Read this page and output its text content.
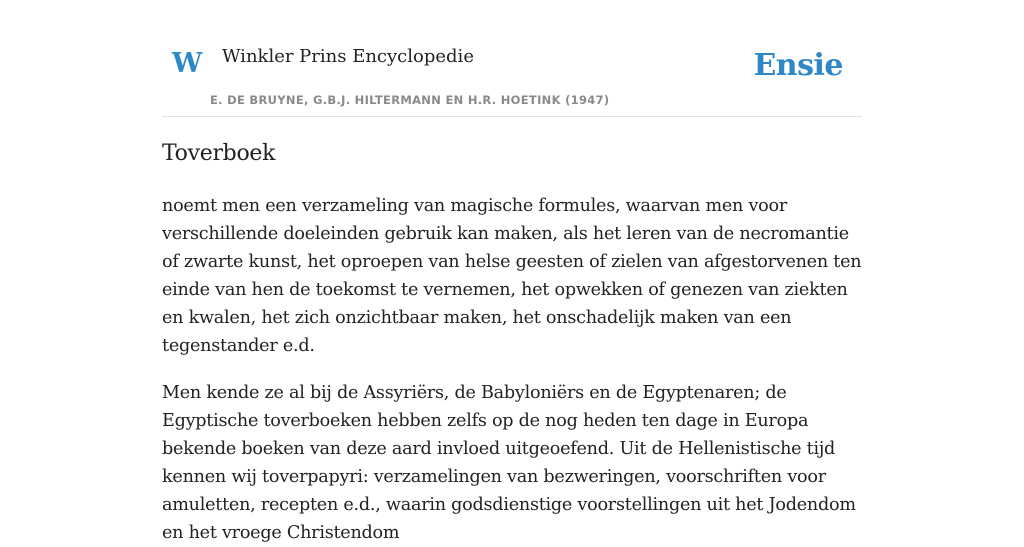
W Winkler Prins Encyclopedie
E. DE BRUYNE, G.B.J. HILTERMANN EN H.R. HOETINK (1947)
Ensie
Toverboek

noemt men een verzameling van magische formules, waarvan men voor verschillende doeleinden gebruik kan maken, als het leren van de necromantie of zwarte kunst, het oproepen van helse geesten of zielen van afgestorvenen ten einde van hen de toekomst te vernemen, het opwekken of genezen van ziekten en kwalen, het zich onzichtbaar maken, het onschadelijk maken van een tegenstander e.d.

Men kende ze al bij de Assyriërs, de Babyloniërs en de Egyptenaren; de Egyptische toverboeken hebben zelfs op de nog heden ten dage in Europa bekende boeken van deze aard invloed uitgeoefend. Uit de Hellenistische tijd kennen wij toverpapyri: verzamelingen van bezweringen, voorschriften voor amuletten, recepten e.d., waarin godsdienstige voorstellingen uit het Jodendom en het vroege Christendom
